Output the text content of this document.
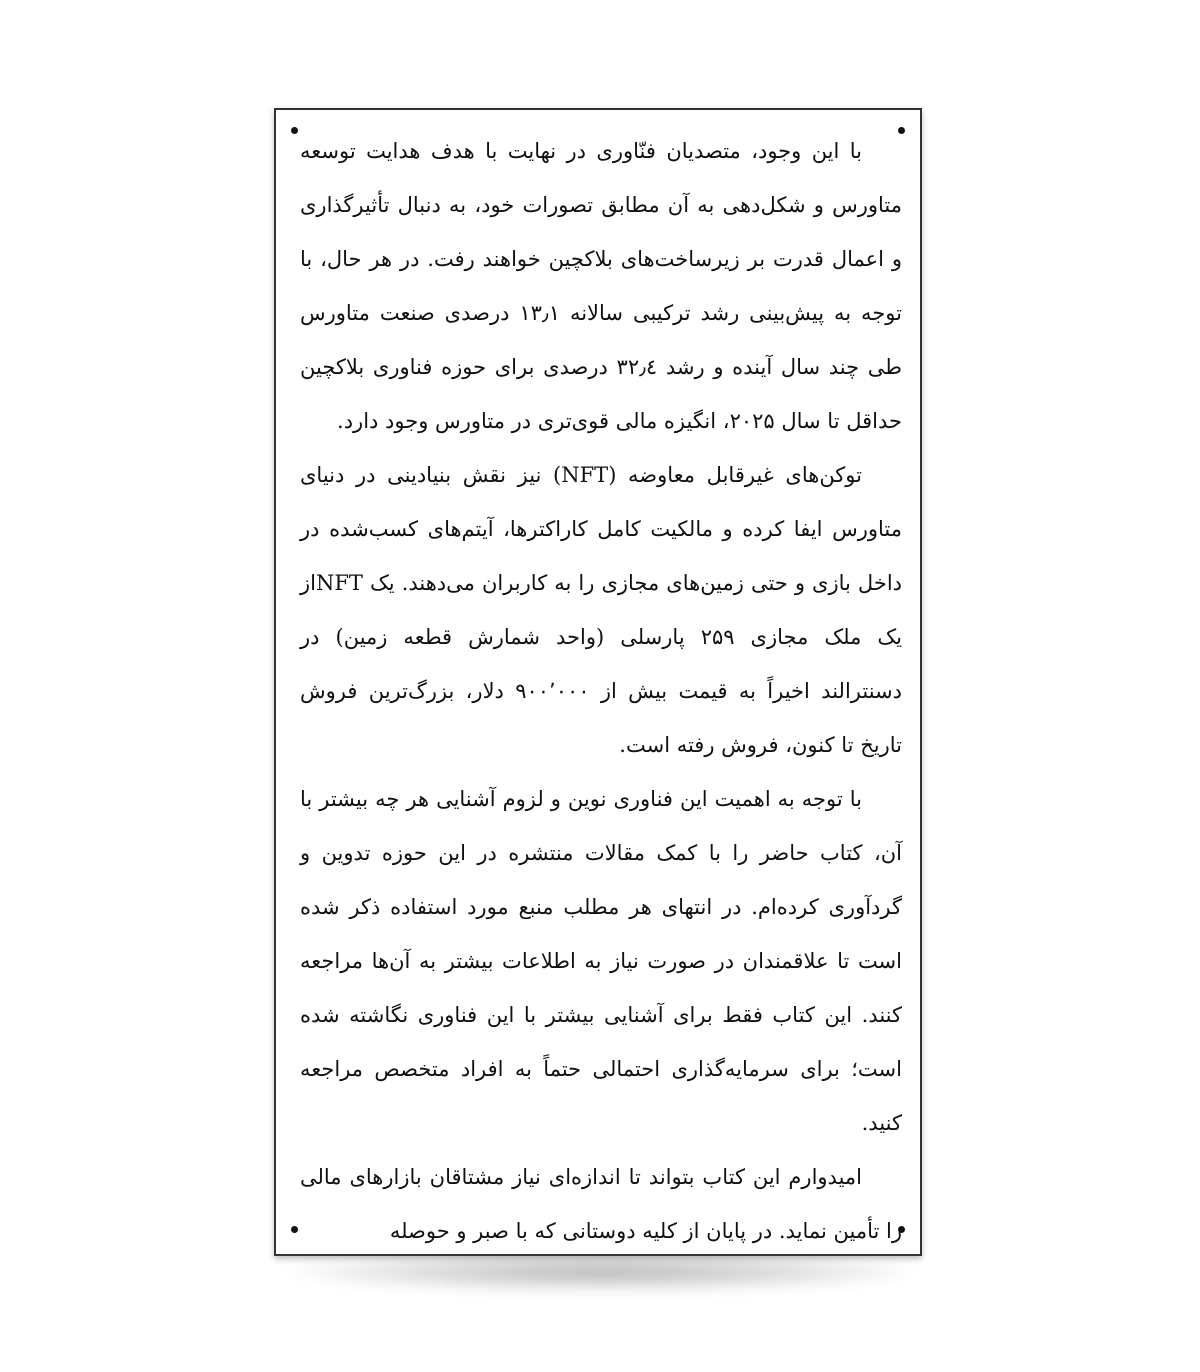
با این وجود، متصدیان فنّاوری در نهایت با هدف هدایت توسعه متاورس و شکل‌دهی به آن مطابق تصورات خود، به دنبال تأثیرگذاری و اعمال قدرت بر زیرساخت‌های بلاکچین خواهند رفت. در هر حال، با توجه به پیش‌بینی رشد ترکیبی سالانه ۱۳٫۱ درصدی صنعت متاورس طی چند سال آینده و رشد ۳۲٫٤ درصدی برای حوزه فناوری بلاکچین حداقل تا سال ۲۰۲۵، انگیزه مالی قوی‌تری در متاورس وجود دارد.

توکن‌های غیرقابل معاوضه (NFT) نیز نقش بنیادینی در دنیای متاورس ایفا کرده و مالکیت کامل کاراکترها، آیتم‌های کسب‌شده در داخل بازی و حتی زمین‌های مجازی را به کاربران می‌دهند. یک NFTاز یک ملک مجازی ۲۵۹ پارسلی (واحد شمارش قطعه زمین) در دسنترالند اخیراً به قیمت بیش از ۹۰۰٬۰۰۰ دلار، بزرگ‌ترین فروش تاریخ تا کنون، فروش رفته است.

با توجه به اهمیت این فناوری نوین و لزوم آشنایی هر چه بیشتر با آن، کتاب حاضر را با کمک مقالات منتشره در این حوزه تدوین و گردآوری کرده‌ام. در انتهای هر مطلب منبع مورد استفاده ذکر شده است تا علاقمندان در صورت نیاز به اطلاعات بیشتر به آن‌ها مراجعه کنند. این کتاب فقط برای آشنایی بیشتر با این فناوری نگاشته شده است؛ برای سرمایه‌گذاری احتمالی حتماً به افراد متخصص مراجعه کنید.

امیدوارم این کتاب بتواند تا اندازه‌ای نیاز مشتاقان بازارهای مالی را تأمین نماید. در پایان از کلیه دوستانی که با صبر و حوصله
